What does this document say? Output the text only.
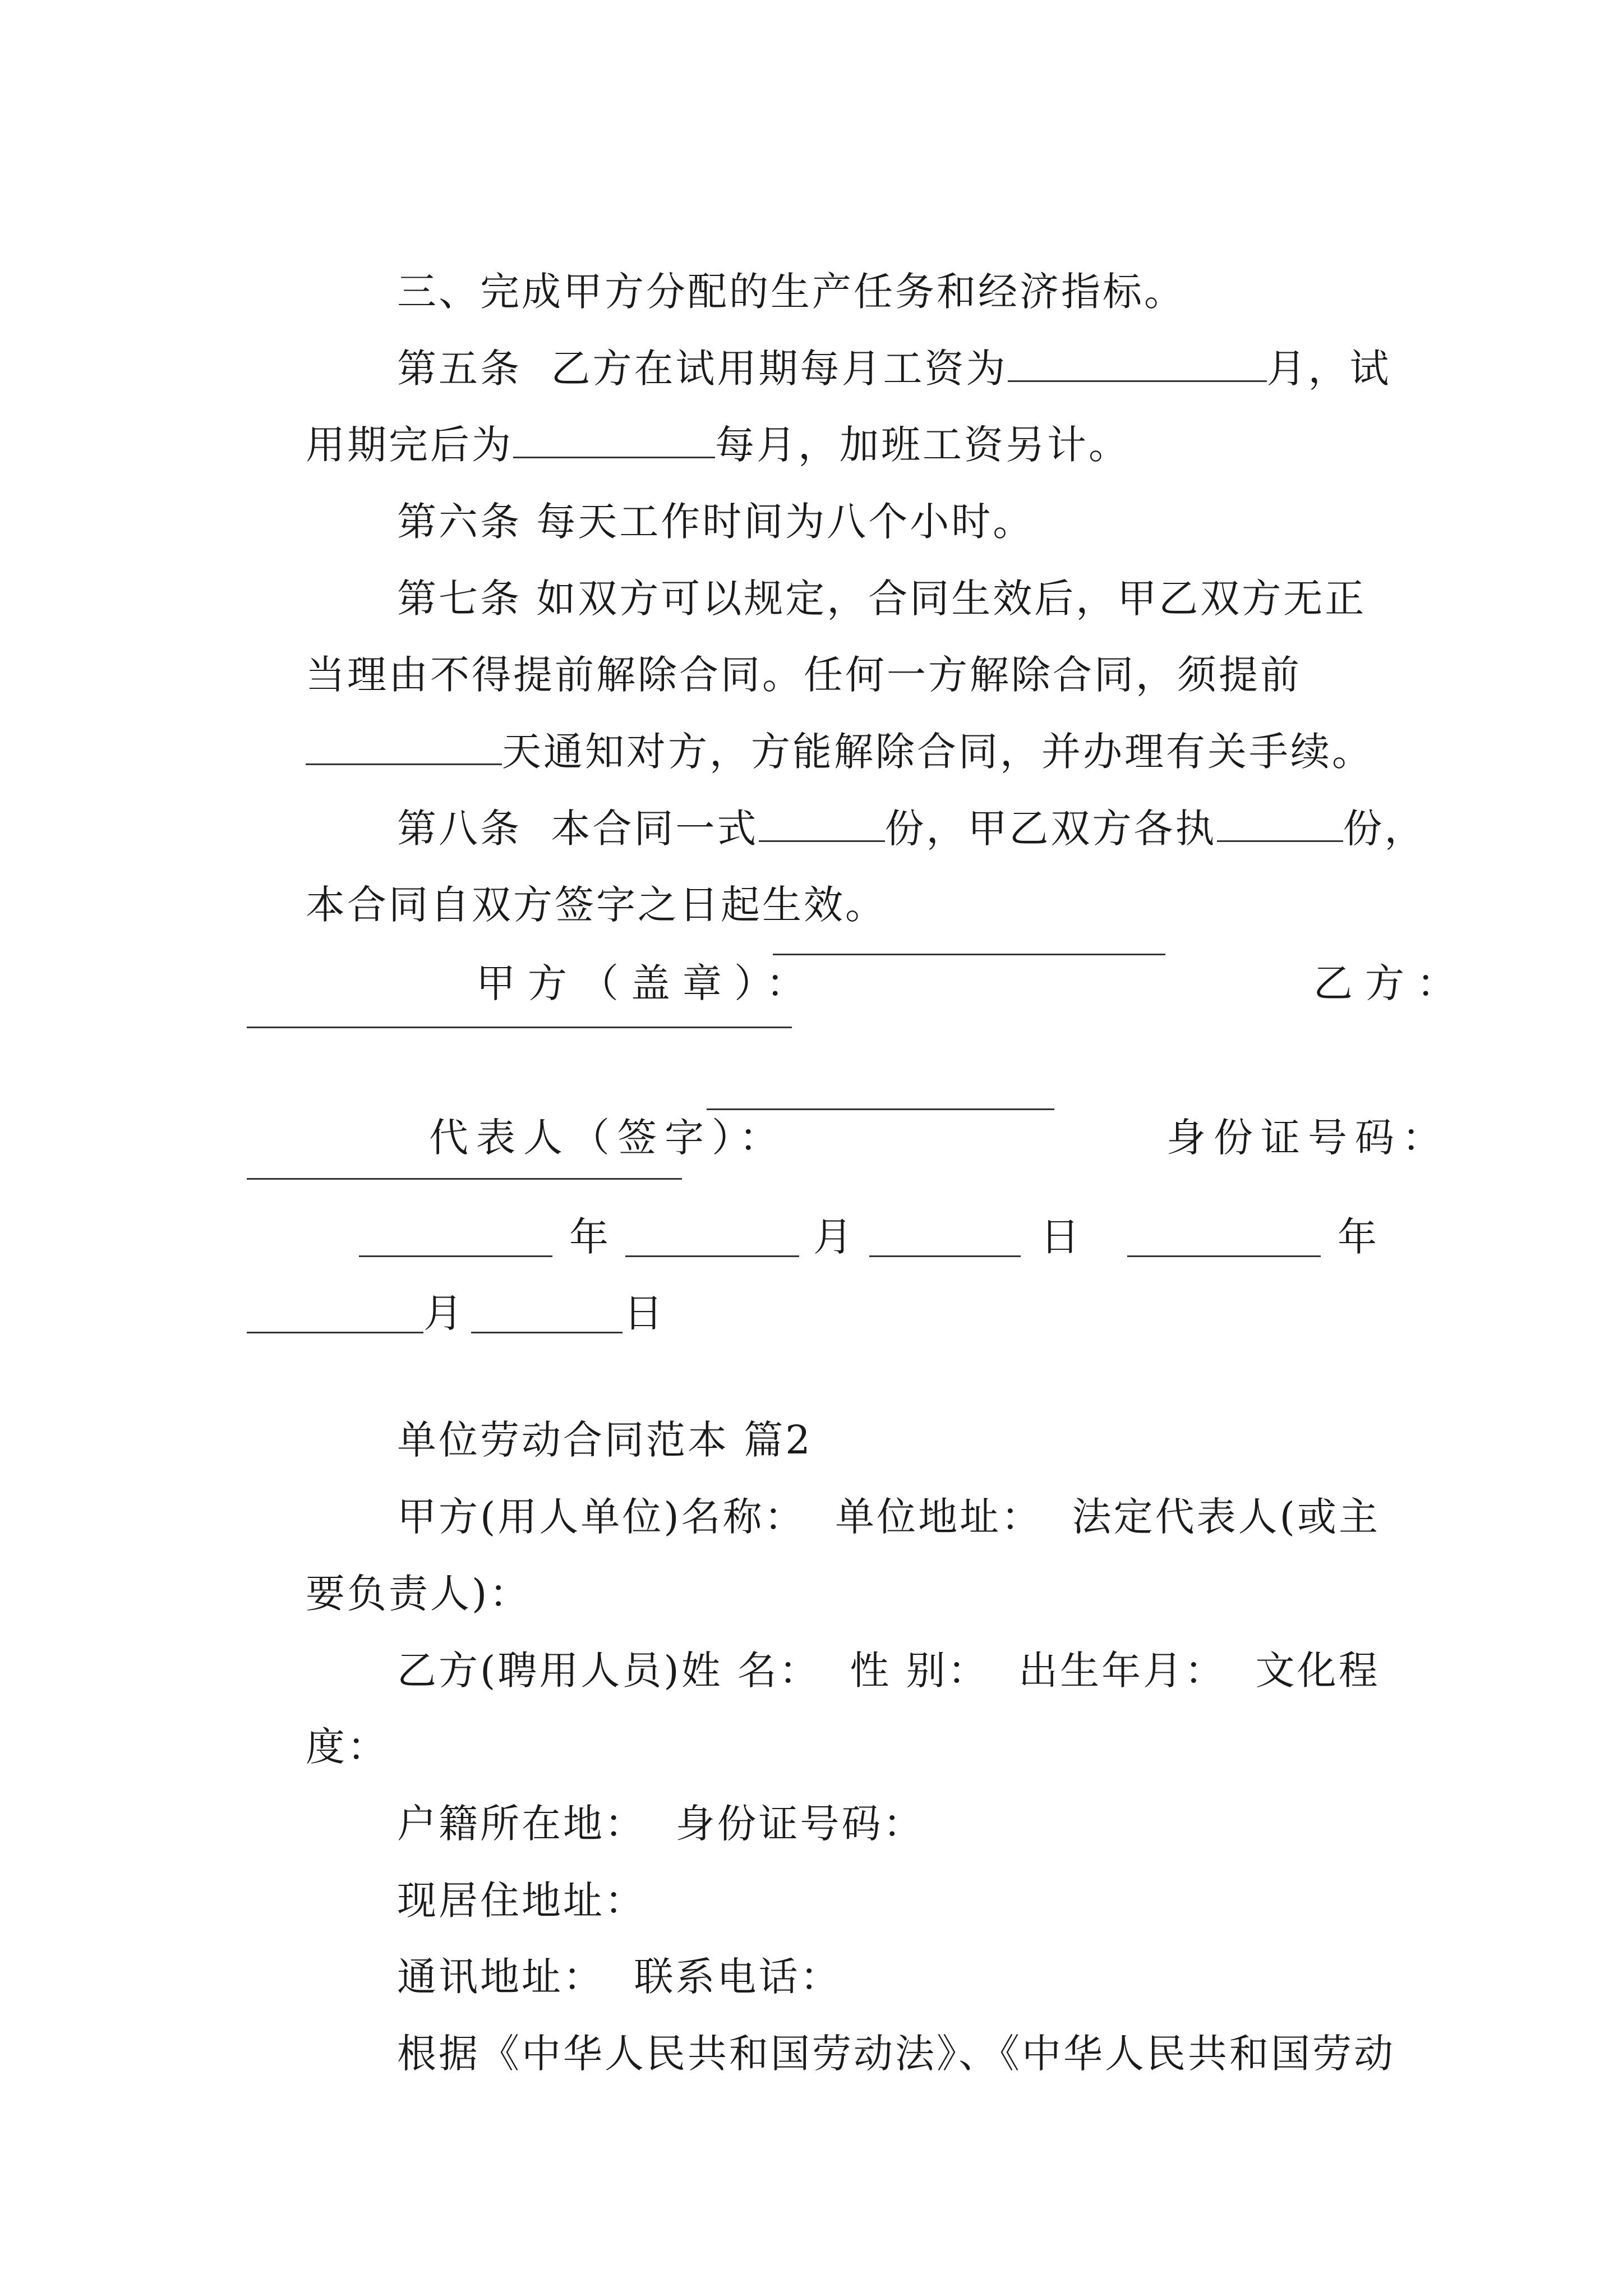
三、完成甲方分配的生产任务和经济指标。

第五条  乙方在试用期每月工资为	月，试

用期完后为	每月，加班工资另计。

第六条 每天工作时间为八个小时。

第七条 如双方可以规定，合同生效后，甲乙双方无正

当理由不得提前解除合同。任何一方解除合同，须提前

天通知对方，方能解除合同，并办理有关手续。

第八条  本合同一式	份，甲乙双方各执	份，

本合同自双方签字之日起生效。

甲方（盖章）：
	乙方：

代表人（签字）：
	身份证号码：

年	月	日	年
月	日

单位劳动合同范本 篇2

甲方(用人单位)名称：  单位地址：  法定代表人(或主

要负责人)：

乙方(聘用人员)姓 名：  性 别：  出生年月：  文化程

度：

户籍所在地：  身份证号码：

现居住地址：

通讯地址：  联系电话：

根据《中华人民共和国劳动法》、《中华人民共和国劳动
